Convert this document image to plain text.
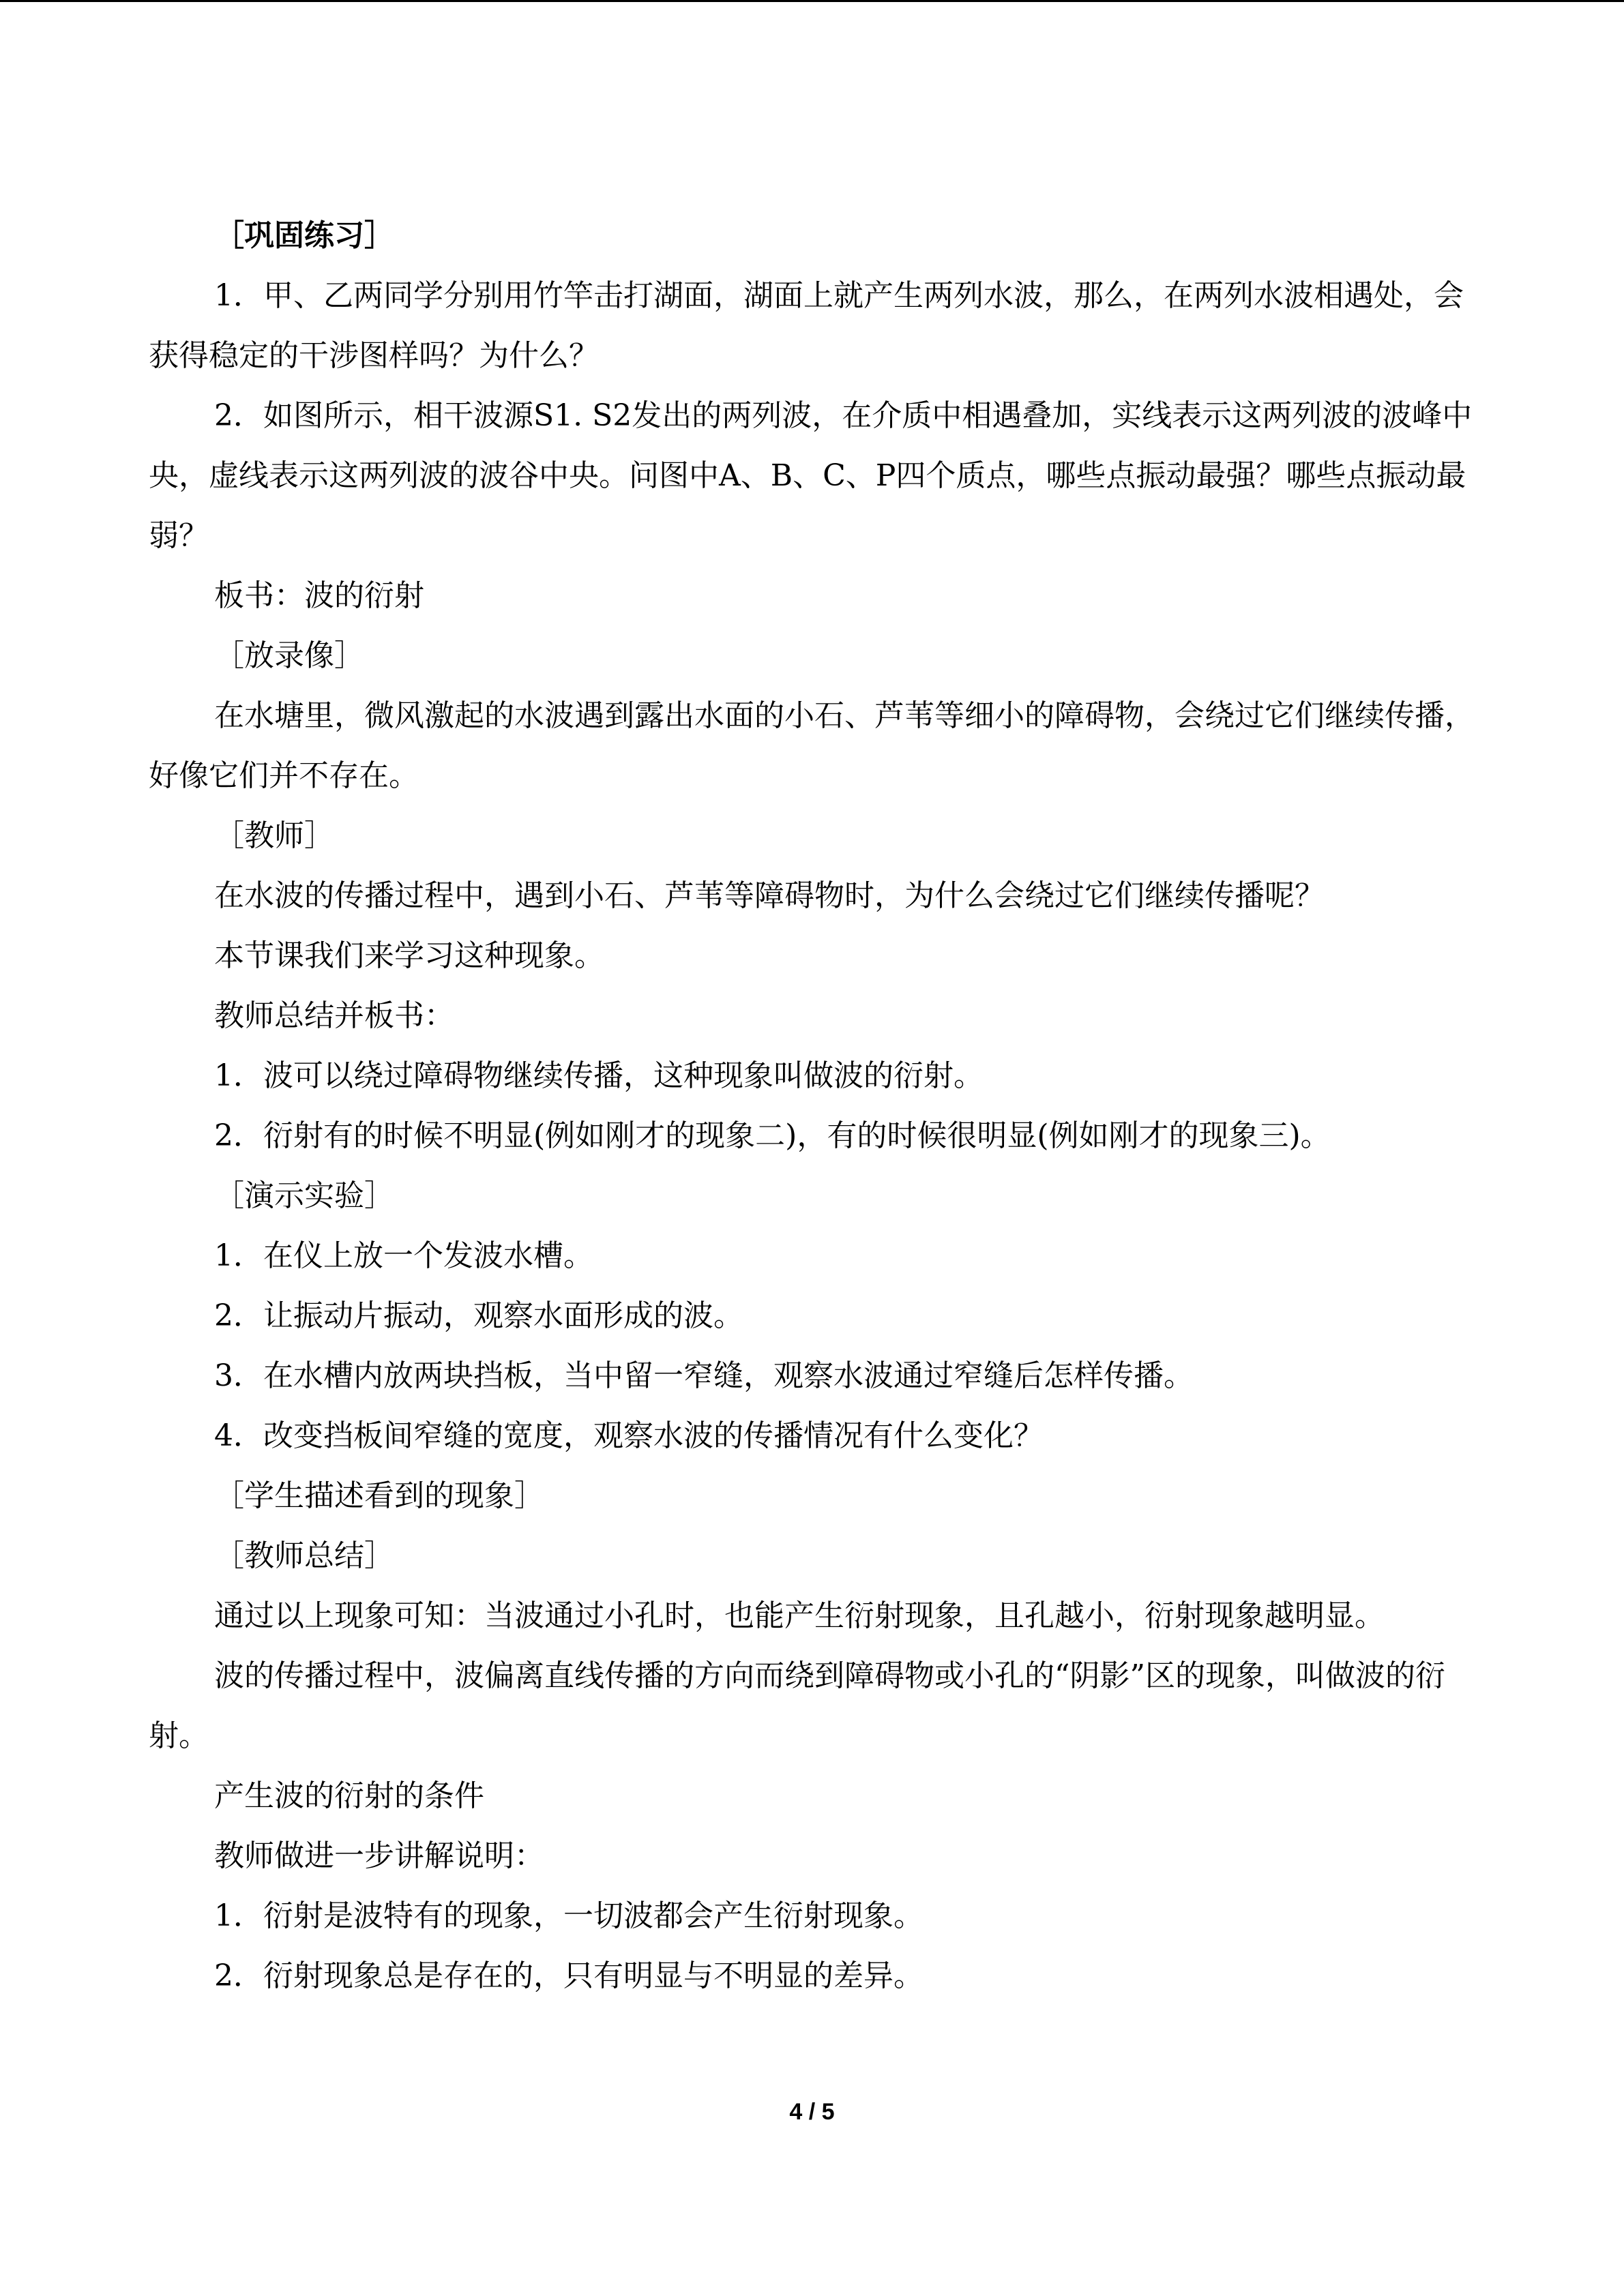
［巩固练习］

1．甲、乙两同学分别用竹竿击打湖面，湖面上就产生两列水波，那么，在两列水波相遇处，会获得稳定的干涉图样吗？为什么？

2．如图所示，相干波源S1. S2发出的两列波，在介质中相遇叠加，实线表示这两列波的波峰中央，虚线表示这两列波的波谷中央。问图中A、B、C、P四个质点，哪些点振动最强？哪些点振动最弱？

板书：波的衍射

［放录像］

在水塘里，微风激起的水波遇到露出水面的小石、芦苇等细小的障碍物，会绕过它们继续传播，好像它们并不存在。

［教师］

在水波的传播过程中，遇到小石、芦苇等障碍物时，为什么会绕过它们继续传播呢？

本节课我们来学习这种现象。

教师总结并板书：

1．波可以绕过障碍物继续传播，这种现象叫做波的衍射。

2．衍射有的时候不明显(例如刚才的现象二)，有的时候很明显(例如刚才的现象三)。

［演示实验］

1．在仪上放一个发波水槽。

2．让振动片振动，观察水面形成的波。

3．在水槽内放两块挡板，当中留一窄缝，观察水波通过窄缝后怎样传播。

4．改变挡板间窄缝的宽度，观察水波的传播情况有什么变化？

［学生描述看到的现象］

［教师总结］

通过以上现象可知：当波通过小孔时，也能产生衍射现象，且孔越小，衍射现象越明显。

波的传播过程中，波偏离直线传播的方向而绕到障碍物或小孔的“阴影”区的现象，叫做波的衍射。

产生波的衍射的条件

教师做进一步讲解说明：

1．衍射是波特有的现象，一切波都会产生衍射现象。

2．衍射现象总是存在的，只有明显与不明显的差异。

4 / 5
